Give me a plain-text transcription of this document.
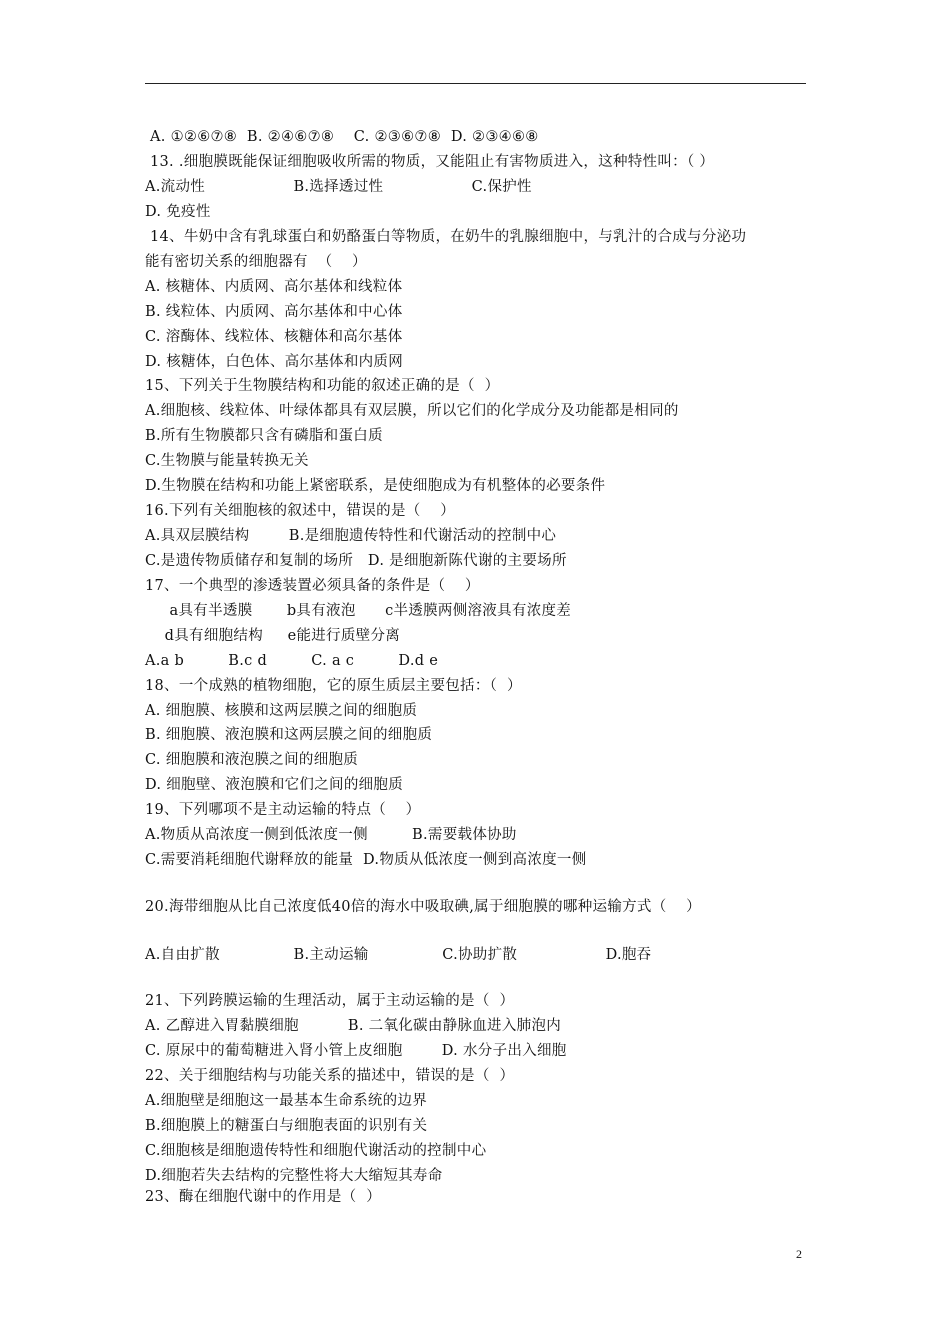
A. ①②⑥⑦⑧  B. ②④⑥⑦⑧    C. ②③⑥⑦⑧  D. ②③④⑥⑧
13. .细胞膜既能保证细胞吸收所需的物质，又能阻止有害物质进入，这种特性叫：（ ）
A.流动性                  B.选择透过性                  C.保护性
D. 免疫性
14、牛奶中含有乳球蛋白和奶酪蛋白等物质，在奶牛的乳腺细胞中，与乳汁的合成与分泌功
能有密切关系的细胞器有  （    ）
A. 核糖体、内质网、高尔基体和线粒体
B. 线粒体、内质网、高尔基体和中心体
C. 溶酶体、线粒体、核糖体和高尔基体
D. 核糖体，白色体、高尔基体和内质网
15、下列关于生物膜结构和功能的叙述正确的是（  ）
A.细胞核、线粒体、叶绿体都具有双层膜，所以它们的化学成分及功能都是相同的
B.所有生物膜都只含有磷脂和蛋白质
C.生物膜与能量转换无关
D.生物膜在结构和功能上紧密联系，是使细胞成为有机整体的必要条件
16.下列有关细胞核的叙述中，错误的是（    ）
A.具双层膜结构        B.是细胞遗传特性和代谢活动的控制中心
C.是遗传物质储存和复制的场所   D. 是细胞新陈代谢的主要场所
17、一个典型的渗透装置必须具备的条件是（    ）
a具有半透膜       b具有液泡      c半透膜两侧溶液具有浓度差
d具有细胞结构     e能进行质壁分离
A.a b         B.c d         C. a c         D.d e
18、一个成熟的植物细胞，它的原生质层主要包括：（  ）
A. 细胞膜、核膜和这两层膜之间的细胞质
B. 细胞膜、液泡膜和这两层膜之间的细胞质
C. 细胞膜和液泡膜之间的细胞质
D. 细胞壁、液泡膜和它们之间的细胞质
19、下列哪项不是主动运输的特点（    ）
A.物质从高浓度一侧到低浓度一侧         B.需要载体协助
C.需要消耗细胞代谢释放的能量  D.物质从低浓度一侧到高浓度一侧
20.海带细胞从比自己浓度低40倍的海水中吸取碘,属于细胞膜的哪种运输方式（    ）
A.自由扩散               B.主动运输               C.协助扩散                  D.胞吞
21、下列跨膜运输的生理活动，属于主动运输的是（  ）
A. 乙醇进入胃黏膜细胞          B. 二氧化碳由静脉血进入肺泡内
C. 原尿中的葡萄糖进入肾小管上皮细胞        D. 水分子出入细胞
22、关于细胞结构与功能关系的描述中，错误的是（  ）
A.细胞壁是细胞这一最基本生命系统的边界
B.细胞膜上的糖蛋白与细胞表面的识别有关
C.细胞核是细胞遗传特性和细胞代谢活动的控制中心
D.细胞若失去结构的完整性将大大缩短其寿命
23、酶在细胞代谢中的作用是（  ）
2
